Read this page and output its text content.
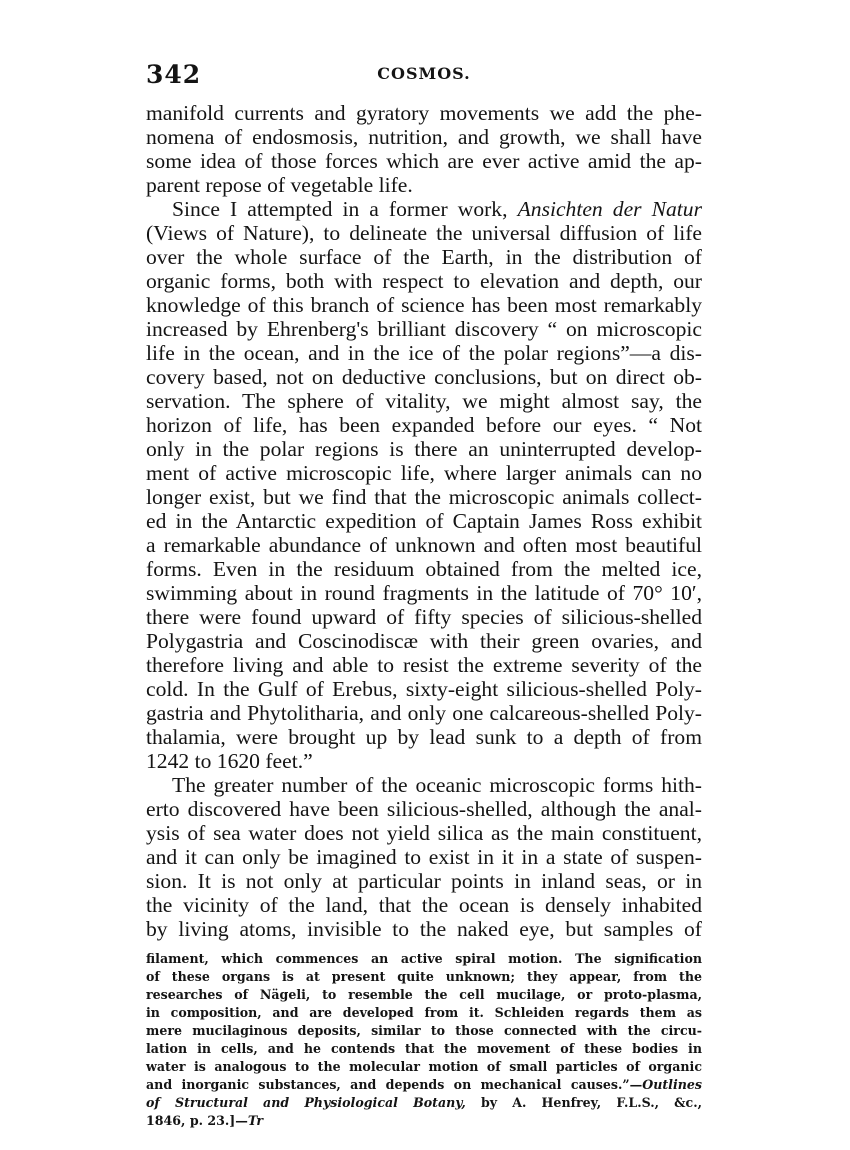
342	COSMOS.
manifold currents and gyratory movements we add the phe-
nomena of endosmosis, nutrition, and growth, we shall have
some idea of those forces which are ever active amid the ap-
parent repose of vegetable life.
Since I attempted in a former work, Ansichten der Natur
(Views of Nature), to delineate the universal diffusion of life
over the whole surface of the Earth, in the distribution of
organic forms, both with respect to elevation and depth, our
knowledge of this branch of science has been most remarkably
increased by Ehrenberg's brilliant discovery “ on microscopic
life in the ocean, and in the ice of the polar regions”—a dis-
covery based, not on deductive conclusions, but on direct ob-
servation. The sphere of vitality, we might almost say, the
horizon of life, has been expanded before our eyes. “ Not
only in the polar regions is there an uninterrupted develop-
ment of active microscopic life, where larger animals can no
longer exist, but we find that the microscopic animals collect-
ed in the Antarctic expedition of Captain James Ross exhibit
a remarkable abundance of unknown and often most beautiful
forms. Even in the residuum obtained from the melted ice,
swimming about in round fragments in the latitude of 70° 10′,
there were found upward of fifty species of silicious-shelled
Polygastria and Coscinodiscæ with their green ovaries, and
therefore living and able to resist the extreme severity of the
cold. In the Gulf of Erebus, sixty-eight silicious-shelled Poly-
gastria and Phytolitharia, and only one calcareous-shelled Poly-
thalamia, were brought up by lead sunk to a depth of from
1242 to 1620 feet.”
The greater number of the oceanic microscopic forms hith-
erto discovered have been silicious-shelled, although the anal-
ysis of sea water does not yield silica as the main constituent,
and it can only be imagined to exist in it in a state of suspen-
sion. It is not only at particular points in inland seas, or in
the vicinity of the land, that the ocean is densely inhabited
by living atoms, invisible to the naked eye, but samples of
filament, which commences an active spiral motion. The signification
of these organs is at present quite unknown; they appear, from the
researches of Nägeli, to resemble the cell mucilage, or proto-plasma,
in composition, and are developed from it. Schleiden regards them as
mere mucilaginous deposits, similar to those connected with the circu-
lation in cells, and he contends that the movement of these bodies in
water is analogous to the molecular motion of small particles of organic
and inorganic substances, and depends on mechanical causes.”—Outlines
of Structural and Physiological Botany, by A. Henfrey, F.L.S., &c.,
1846, p. 23.]—Tr
